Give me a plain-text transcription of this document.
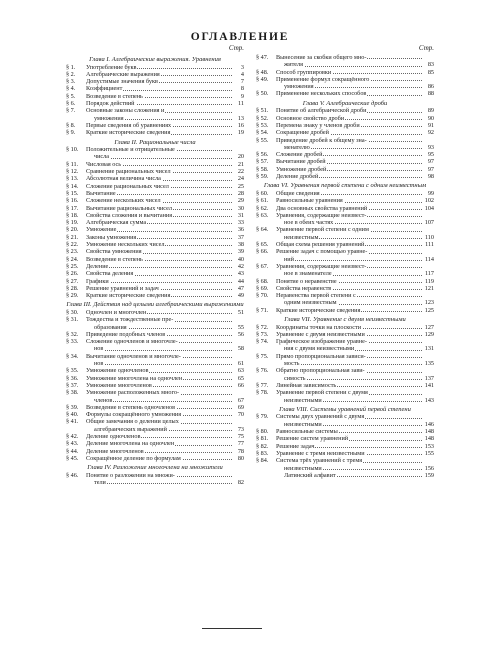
ОГЛАВЛЕНИЕ
Стр.
Глава I. Алгебраические выражения. Уравнения
§ 1.	Употребление букв	3
§ 2.	Алгебраические выражения	4
§ 3.	Допустимые значения букв	7
§ 4.	Коэффициент	8
§ 5.	Возведение в степень	9
§ 6.	Порядок действий	11
§ 7.	Основные законы сложения и
умножения	13
§ 8.	Первые сведения об уравнениях	16
§ 9.	Краткие исторические сведения	19
Глава II. Рациональные числа
§ 10.	Положительные и отрицательные
числа	20
§ 11.	Числовая ось	21
§ 12.	Сравнение рациональных чисел	22
§ 13.	Абсолютная величина числа	24
§ 14.	Сложение рациональных чисел	25
§ 15.	Вычитание	28
§ 16.	Сложение нескольких чисел	29
§ 17.	Вычитание рациональных чисел	30
§ 18.	Свойства сложения и вычитания	31
§ 19.	Алгебраическая сумма	33
§ 20.	Умножение	36
§ 21.	Законы умножения	37
§ 22.	Умножение нескольких чисел	38
§ 23.	Свойства умножения	39
§ 24.	Возведение в степень	40
§ 25.	Деление	42
§ 26.	Свойства деления	43
§ 27.	Графики	44
§ 28.	Решение уравнений и задач	47
§ 29.	Краткие исторические сведения	49
Глава III. Действия над целыми алгебраическими выражениями
§ 30.	Одночлен и многочлен	51
§ 31.	Тождества и тождественные пре-
образования	55
§ 32.	Приведение подобных членов	56
§ 33.	Сложение одночленов и многочле-
нов	58
§ 34.	Вычитание одночленов и многочле-
нов	61
§ 35.	Умножение одночленов	63
§ 36.	Умножение многочлена на одночлен	65
§ 37.	Умножение многочленов	66
§ 38.	Умножение расположенных много-
членов	67
§ 39.	Возведение в степень одночленов	69
§ 40.	Формулы сокращённого умножения	70
§ 41.	Общие замечания о делении целых
алгебраических выражений	73
§ 42.	Деление одночленов	75
§ 43.	Деление многочлена на одночлен	77
§ 44.	Деление многочленов	78
§ 45.	Сокращённое деление по формулам	80
Глава IV. Разложение многочлена на множители
§ 46.	Понятие о разложении на множи-
тели	82
Стр.
§ 47.	Вынесение за скобки общего мно-
жителя	83
§ 48.	Способ группировки	85
§ 49.	Применение формул сокращённого
умножения	86
§ 50.	Применение нескольких способов	88
Глава V. Алгебраические дроби
§ 51.	Понятие об алгебраической дроби	89
§ 52.	Основное свойство дроби	90
§ 53.	Перемена знаку у членов дроби	91
§ 54.	Сокращение дробей	92
§ 55.	Приведение дробей к общему зна-
менателю	93
§ 56.	Сложение дробей	95
§ 57.	Вычитание дробей	97
§ 58.	Умножение дробей	97
§ 59.	Деление дробей	98
Глава VI. Уравнения первой степени с одним неизвестным
§ 60.	Общие сведения	99
§ 61.	Равносильные уравнения	102
§ 62.	Два основных свойства уравнений	104
§ 63.	Уравнения, содержащие неизвест-
ное в обеих частях	107
§ 64.	Уравнение первой степени с одним
неизвестным	110
§ 65.	Общая схема решения уравнений	111
§ 66.	Решение задач с помощью уравне-
ний	114
§ 67.	Уравнения, содержащие неизвест-
ное в знаменателе	117
§ 68.	Понятие о неравенстве	119
§ 69.	Свойства неравенств	121
§ 70.	Неравенства первой степени с
одним неизвестным	123
§ 71.	Краткие исторические сведения	125
Глава VII. Уравнение с двумя неизвестными
§ 72.	Координаты точки на плоскости	127
§ 73.	Уравнение с двумя неизвестными	129
§ 74.	Графическое изображение уравне-
ния с двумя неизвестными	131
§ 75.	Прямо пропорциональная зависи-
мость	135
§ 76.	Обратно пропорциональная зави-
симость	137
§ 77.	Линейная зависимость	141
§ 78.	Уравнение первой степени с двумя
неизвестными	143
Глава VIII. Системы уравнений первой степени
§ 79.	Системы двух уравнений с двумя
неизвестными	146
§ 80.	Равносильные системы	148
§ 81.	Решение систем уравнений	148
§ 82.	Решение задач	153
§ 83.	Уравнение с тремя неизвестными	155
§ 84.	Система трёх уравнений с тремя
неизвестными	156
Латинский алфавит	159
